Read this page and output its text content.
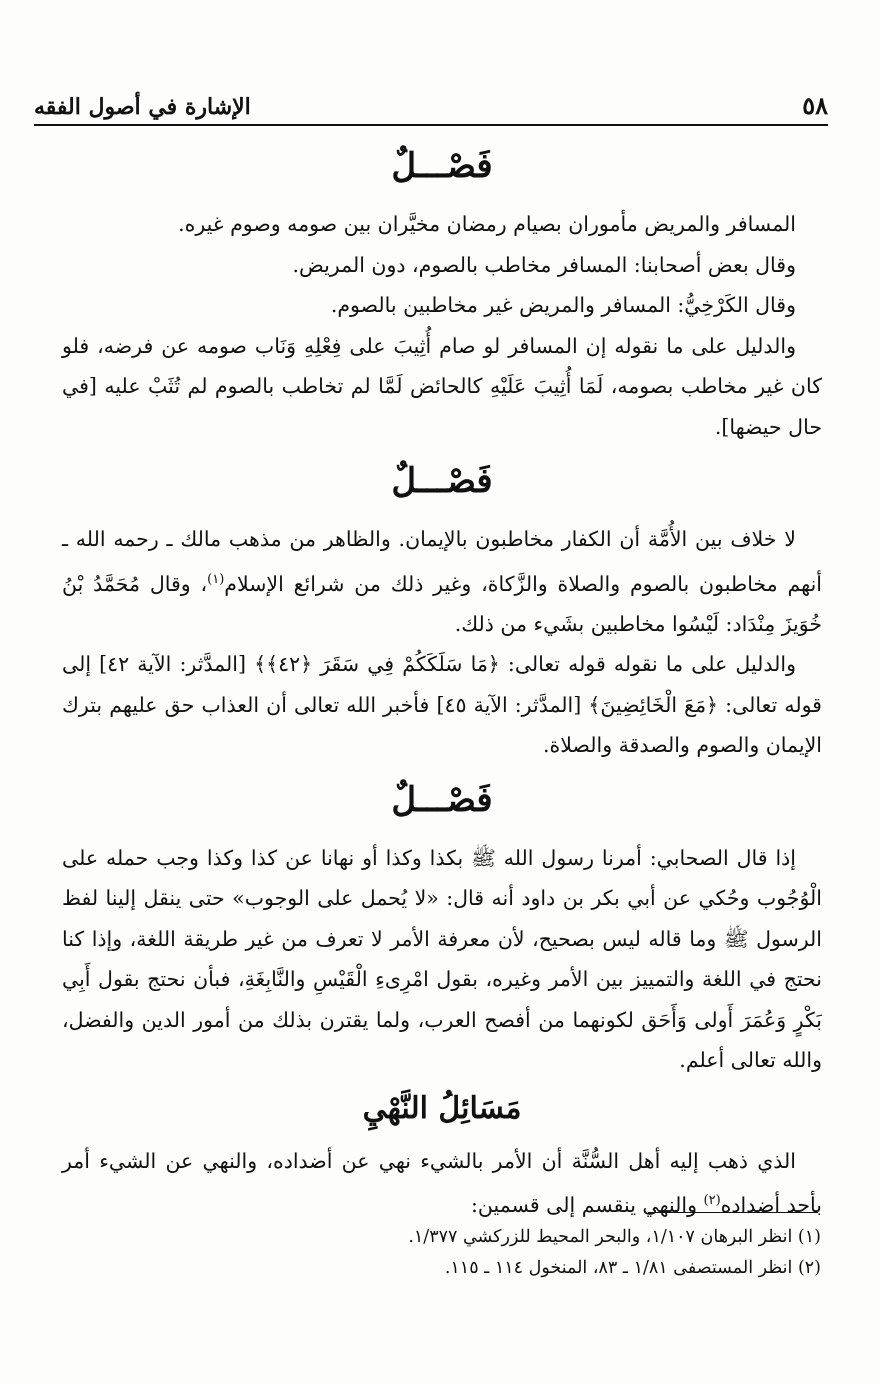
٥٨
الإشارة في أصول الفقه
فَصْـــلٌ

المسافر والمريض مأموران بصيام رمضان مخيَّران بين صومه وصوم غيره.

وقال بعض أصحابنا: المسافر مخاطب بالصوم، دون المريض.

وقال الكَرْخِيُّ: المسافر والمريض غير مخاطبين بالصوم.

والدليل على ما نقوله إن المسافر لو صام أُثِيبَ على فِعْلِهِ وَنَاب صومه عن فرضه، فلو كان غير مخاطب بصومه، لَمَا أُثِيبَ عَلَيْهِ كالحائض لَمَّا لم تخاطب بالصوم لم تُثَبْ عليه [في حال حيضها].

فَصْـــلٌ

لا خلاف بين الأُمَّة أن الكفار مخاطبون بالإيمان. والظاهر من مذهب مالك ـ رحمه الله ـ أنهم مخاطبون بالصوم والصلاة والزَّكاة، وغير ذلك من شرائع الإسلام$^{(١)}$، وقال مُحَمَّدُ بْنُ خُوَيزَ مِنْدَاد: لَيْسُوا مخاطبين بشَيء من ذلك.

والدليل على ما نقوله قوله تعالى: ﴿مَا سَلَكَكُمْ فِي سَقَرَ ﴿٤٢﴾﴾ [المدَّثر: الآية ٤٢] إلى قوله تعالى: ﴿مَعَ الْخَائِضِينَ﴾ [المدَّثر: الآية ٤٥] فأخبر الله تعالى أن العذاب حق عليهم بترك الإيمان والصوم والصدقة والصلاة.

فَصْـــلٌ

إذا قال الصحابي: أمرنا رسول الله ﷺ بكذا وكذا أو نهانا عن كذا وكذا وجب حمله على الْوُجُوب وحُكي عن أبي بكر بن داود أنه قال: «لا يُحمل على الوجوب» حتى ينقل إلينا لفظ الرسول ﷺ وما قاله ليس بصحيح، لأن معرفة الأمر لا تعرف من غير طريقة اللغة، وإذا كنا نحتج في اللغة والتمييز بين الأمر وغيره، بقول امْرِىءِ الْقَيْسِ والنَّابِغَةِ، فبأن نحتج بقول أَبِي بَكْرٍ وَعُمَرَ أَولى وَأَحَق لكونهما من أفصح العرب، ولما يقترن بذلك من أمور الدين والفضل، والله تعالى أعلم.

مَسَائِلُ النَّهْيِ

الذي ذهب إليه أهل السُّنَّة أن الأمر بالشيء نهي عن أضداده، والنهي عن الشيء أمر بأحد أضداده$^{(٢)}$ والنهي ينقسم إلى قسمين:

(١) انظر البرهان ١/١٠٧، والبحر المحيط للزركشي ١/٣٧٧.

(٢) انظر المستصفى ١/٨١ ـ ٨٣، المنخول ١١٤ ـ ١١٥.
